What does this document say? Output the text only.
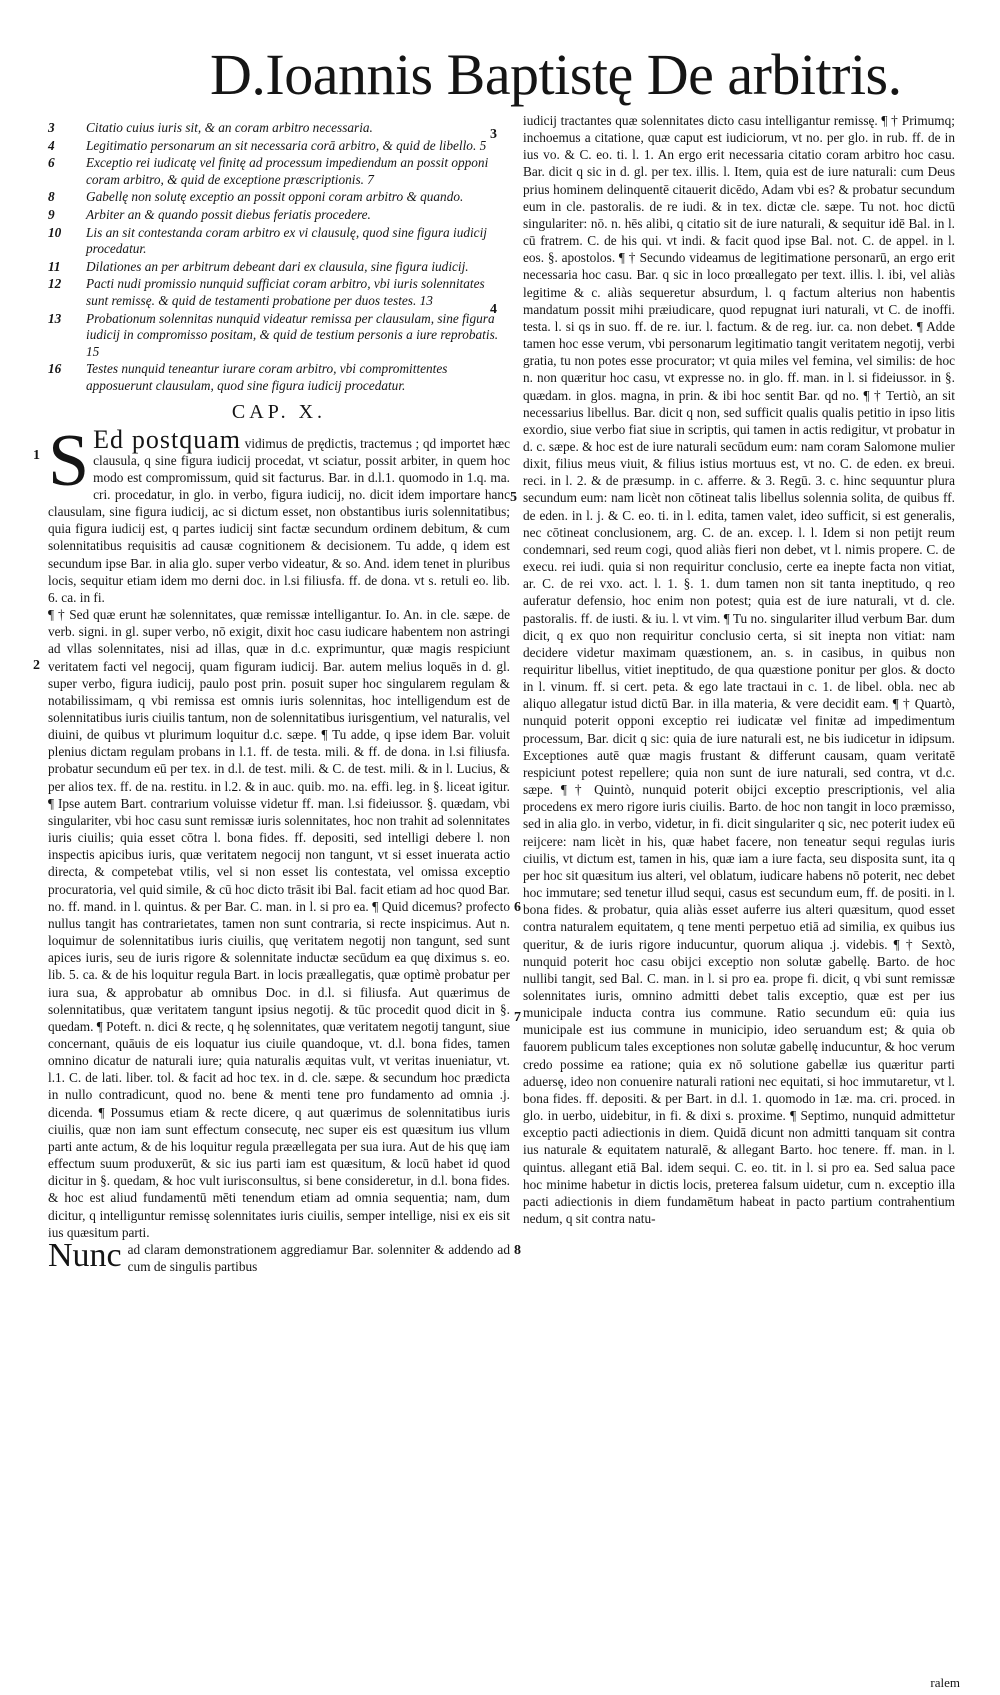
D.Ioannis Baptistę De arbitris.
3	Citatio cuius iuris sit, & an coram arbitro necessaria.
4	Legitimatio personarum an sit necessaria corā arbitro, & quid de libello. 5
6	Exceptio rei iudicatę vel finitę ad processum impediendum an possit opponi coram arbitro, & quid de exceptione præscriptionis. 7
8	Gabellę non solutę exceptio an possit opponi coram arbitro & quando.
9	Arbiter an & quando possit diebus feriatis procedere.
10	Lis an sit contestanda coram arbitro ex vi clausulę, quod sine figura iudicij procedatur.
11	Dilationes an per arbitrum debeant dari ex clausula, sine figura iudicij.
12	Pacti nudi promissio nunquid sufficiat coram arbitro, vbi iuris solennitates sunt remissę. & quid de testamenti probatione per duos testes. 13
13	Probationum solennitas nunquid videatur remissa per clausulam, sine figura iudicij in compromisso positam, & quid de testium personis a iure reprobatis. 15
16	Testes nunquid teneantur iurare coram arbitro, vbi compromittentes apposuerunt clausulam, quod sine figura iudicij procedatur.
CAP. X.

S Ed postquam vidimus de prędictis, tractemus ; qd importet hæc clausula, q sine figura iudicij procedat, vt sciatur, possit arbiter, in quem hoc modo est compromissum, quid sit facturus. Bar. in d.l.1. quomodo in 1.q. ma. cri. procedatur, in glo. in verbo, figura iudicij, no. dicit idem importare hanc clausulam, sine figura iudicij, ac si dictum esset, non obstantibus iuris solennitatibus; quia figura iudicij est, q partes iudicij sint factæ secundum ordinem debitum, & cum solennitatibus requisitis ad causæ cognitionem & decisionem. Tu adde, q idem est secundum ipse Bar. in alia glo. super verbo videatur, & so. And. idem tenet in pluribus locis, sequitur etiam idem mo derni doc. in l.si filiusfa. ff. de dona. vt s. retuli eo. lib. 6. ca. in fi.

¶ † Sed quæ erunt hæ solennitates, quæ remissæ intelligantur. Io. An. in cle. sæpe. de verb. signi. in gl. super verbo, nō exigit, dixit hoc casu iudicare habentem non astringi ad vllas solennitates, nisi ad illas, quæ in d.c. exprimuntur, quæ magis respiciunt veritatem facti vel negocij, quam figuram iudicij. Bar. autem melius loquēs in d. gl. super verbo, figura iudicij, paulo post prin. posuit super hoc singularem regulam & notabilissimam, q vbi remissa est omnis iuris solennitas, hoc intelligendum est de solennitatibus iuris ciuilis tantum, non de solennitatibus iurisgentium, vel naturalis, vel diuini, de quibus vt plurimum loquitur d.c. sæpe. ¶ Tu adde, q ipse idem Bar. voluit plenius dictam regulam probans in l.1. ff. de testa. mili. & ff. de dona. in l.si filiusfa. probatur secundum eū per tex. in d.l. de test. mili. & C. de test. mili. & in l. Lucius, & per alios tex. ff. de na. restitu. in l.2. & in auc. quib. mo. na. effi. leg. in §. liceat igitur. ¶ Ipse autem Bart. contrarium voluisse videtur ff. man. l.si fideiussor. §. quædam, vbi singulariter, vbi hoc casu sunt remissæ iuris solennitates, hoc non trahit ad solennitates iuris ciuilis; quia esset cōtra l. bona fides. ff. depositi, sed intelligi debere l. non inspectis apicibus iuris, quæ veritatem negocij non tangunt, vt si esset inuerata actio directa, & competebat vtilis, vel si non esset lis contestata, vel omissa exceptio procuratoria, vel quid simile, & cū hoc dicto trāsit ibi Bal. facit etiam ad hoc quod Bar. no. ff. mand. in l. quintus. & per Bar. C. man. in l. si pro ea. ¶ Quid dicemus? profecto nullus tangit has contrarietates, tamen non sunt contraria, si recte inspicimus. Aut n. loquimur de solennitatibus iuris ciuilis, quę veritatem negotij non tangunt, sed sunt apices iuris, seu de iuris rigore & solennitate inductæ secūdum ea quę diximus s. eo. lib. 5. ca. & de his loquitur regula Bart. in locis præallegatis, quæ optimè probatur per iura sua, & approbatur ab omnibus Doc. in d.l. si filiusfa. Aut quærimus de solennitatibus, quæ veritatem tangunt ipsius negotij. & tūc procedit quod dicit in §. quedam. ¶ Poteft. n. dici & recte, q hę solennitates, quæ veritatem negotij tangunt, siue concernant, quāuis de eis loquatur ius ciuile quandoque, vt. d.l. bona fides, tamen omnino dicatur de naturali iure; quia naturalis æquitas vult, vt veritas inueniatur, vt. l.1. C. de lati. liber. tol. & facit ad hoc tex. in d. cle. sæpe. & secundum hoc prædicta in nullo contradicunt, quod no. bene & menti tene pro fundamento ad omnia .j. dicenda. ¶ Possumus etiam & recte dicere, q aut quærimus de solennitatibus iuris ciuilis, quæ non iam sunt effectum consecutę, nec super eis est quæsitum ius vllum parti ante actum, & de his loquitur regula præællegata per sua iura. Aut de his quę iam effectum suum produxerūt, & sic ius parti iam est quæsitum, & locū habet id quod dicitur in §. quedam, & hoc vult iurisconsultus, si bene consideretur, in d.l. bona fides. & hoc est aliud fundamentū mēti tenendum etiam ad omnia sequentia; nam, dum dicitur, q intelliguntur remissę solennitates iuris ciuilis, semper intellige, nisi ex eis sit ius quæsitum parti.

Nunc ad claram demonstrationem aggrediamur Bar. solenniter & addendo ad cum de singulis partibus

3
4
1
2
5
6
7
8
iudicij tractantes quæ solennitates dicto casu intelligantur remissę. ¶ † Primumq; inchoemus a citatione, quæ caput est iudiciorum, vt no. per glo. in rub. ff. de in ius vo. & C. eo. ti. l. 1. An ergo erit necessaria citatio coram arbitro hoc casu. Bar. dicit q sic in d. gl. per tex. illis. l. Item, quia est de iure naturali: cum Deus prius hominem delinquentē citauerit dicēdo, Adam vbi es? & probatur secundum eum in cle. pastoralis. de re iudi. & in tex. dictæ cle. sæpe. Tu not. hoc dictū singulariter: nō. n. hēs alibi, q citatio sit de iure naturali, & sequitur idē Bal. in l. cū fratrem. C. de his qui. vt indi. & facit quod ipse Bal. not. C. de appel. in l. eos. §. apostolos. ¶ † Secundo videamus de legitimatione personarū, an ergo erit necessaria hoc casu. Bar. q sic in loco prœallegato per text. illis. l. ibi, vel aliàs legitime & c. aliàs sequeretur absurdum, l. q factum alterius non habentis mandatum possit mihi præiudicare, quod repugnat iuri naturali, vt C. de inoffi. testa. l. si qs in suo. ff. de re. iur. l. factum. & de reg. iur. ca. non debet. ¶ Adde tamen hoc esse verum, vbi personarum legitimatio tangit veritatem negotij, verbi gratia, tu non potes esse procurator; vt quia miles vel femina, vel similis: de hoc n. non quæritur hoc casu, vt expresse no. in glo. ff. man. in l. si fideiussor. in §. quædam. in glos. magna, in prin. & ibi hoc sentit Bar. qd no. ¶ † Tertiò, an sit necessarius libellus. Bar. dicit q non, sed sufficit qualis qualis petitio in ipso litis exordio, siue verbo fiat siue in scriptis, qui tamen in actis redigitur, vt probatur in d. c. sæpe. & hoc est de iure naturali secūdum eum: nam coram Salomone mulier dixit, filius meus viuit, & filius istius mortuus est, vt no. C. de eden. ex breui. reci. in l. 2. & de præsump. in c. afferre. & 3. Regū. 3. c. hinc sequuntur plura secundum eum: nam licèt non cōtineat talis libellus solennia solita, de quibus ff. de eden. in l. j. & C. eo. ti. in l. edita, tamen valet, ideo sufficit, si est generalis, nec cōtineat conclusionem, arg. C. de an. excep. l. l. Idem si non petijt reum condemnari, sed reum cogi, quod aliàs fieri non debet, vt l. nimis propere. C. de execu. rei iudi. quia si non requiritur conclusio, certe ea inepte facta non vitiat, ar. C. de rei vxo. act. l. 1. §. 1. dum tamen non sit tanta ineptitudo, q reo auferatur defensio, hoc enim non potest; quia est de iure naturali, vt d. cle. pastoralis. ff. de iusti. & iu. l. vt vim. ¶ Tu no. singulariter illud verbum Bar. dum dicit, q ex quo non requiritur conclusio certa, si sit inepta non vitiat: nam decidere videtur maximam quæstionem, an. s. in casibus, in quibus non requiritur libellus, vitiet ineptitudo, de qua quæstione ponitur per glos. & docto in l. vinum. ff. si cert. peta. & ego late tractaui in c. 1. de libel. obla. nec ab aliquo allegatur istud dictū Bar. in illa materia, & vere decidit eam. ¶ † Quartò, nunquid poterit opponi exceptio rei iudicatæ vel finitæ ad impedimentum processum, Bar. dicit q sic: quia de iure naturali est, ne bis iudicetur in idipsum. Exceptiones autē quæ magis frustant & differunt causam, quam veritatē respiciunt potest repellere; quia non sunt de iure naturali, sed contra, vt d.c. sæpe. ¶ † Quintò, nunquid poterit obijci exceptio prescriptionis, vel alia procedens ex mero rigore iuris ciuilis. Barto. de hoc non tangit in loco præmisso, sed in alia glo. in verbo, videtur, in fi. dicit singulariter q sic, nec poterit iudex eū reijcere: nam licèt in his, quæ habet facere, non teneatur sequi regulas iuris ciuilis, vt dictum est, tamen in his, quæ iam a iure facta, seu disposita sunt, ita q per hoc sit quæsitum ius alteri, vel oblatum, iudicare habens nō poterit, nec debet hoc immutare; sed tenetur illud sequi, casus est secundum eum, ff. de positi. in l. bona fides. & probatur, quia aliàs esset auferre ius alteri quæsitum, quod esset contra naturalem equitatem, q tene menti perpetuo etiā ad similia, ex quibus ius queritur, & de iuris rigore inducuntur, quorum aliqua .j. videbis. ¶ † Sextò, nunquid poterit hoc casu obijci exceptio non solutæ gabellę. Barto. de hoc nullibi tangit, sed Bal. C. man. in l. si pro ea. prope fi. dicit, q vbi sunt remissæ solennitates iuris, omnino admitti debet talis exceptio, quæ est per ius municipale inducta contra ius commune. Ratio secundum eū: quia ius municipale est ius commune in municipio, ideo seruandum est; & quia ob fauorem publicum tales exceptiones non solutæ gabellę inducuntur, & hoc verum credo possime ea ratione; quia ex nō solutione gabellæ ius quæritur parti aduersę, ideo non conuenire naturali rationi nec equitati, si hoc immutaretur, vt l. bona fides. ff. depositi. & per Bart. in d.l. 1. quomodo in 1æ. ma. cri. proced. in glo. in uerbo, uidebitur, in fi. & dixi s. proxime. ¶ Septimo, nunquid admittetur exceptio pacti adiectionis in diem. Quidā dicunt non admitti tanquam sit contra ius naturale & equitatem naturalē, & allegant Barto. hoc tenere. ff. man. in l. quintus. allegant etiā Bal. idem sequi. C. eo. tit. in l. si pro ea. Sed salua pace hoc minime habetur in dictis locis, preterea falsum uidetur, cum n. exceptio illa pacti adiectionis in diem fundamētum habeat in pacto partium contrahentium nedum, q sit contra natu-
ralem
